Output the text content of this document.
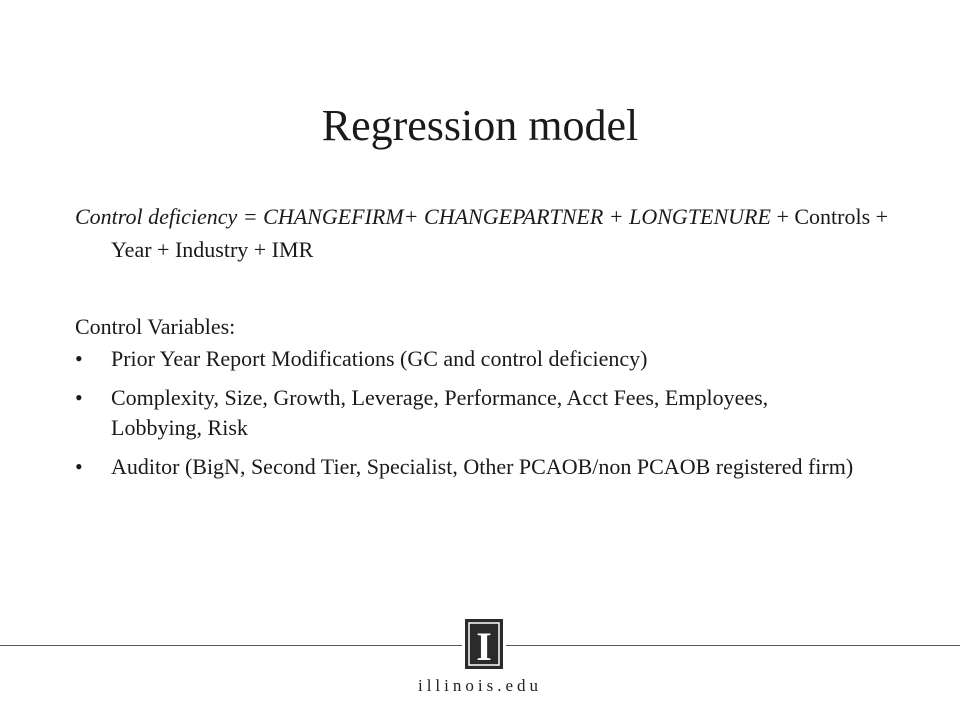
Regression model
Control deficiency = CHANGEFIRM+ CHANGEPARTNER + LONGTENURE + Controls + Year + Industry + IMR
Control Variables:
•	Prior Year Report Modifications (GC and control deficiency)
•	Complexity, Size, Growth, Leverage, Performance, Acct Fees, Employees, Lobbying, Risk
•	Auditor (BigN, Second Tier, Specialist, Other PCAOB/non PCAOB registered firm)
I
illinois.edu
